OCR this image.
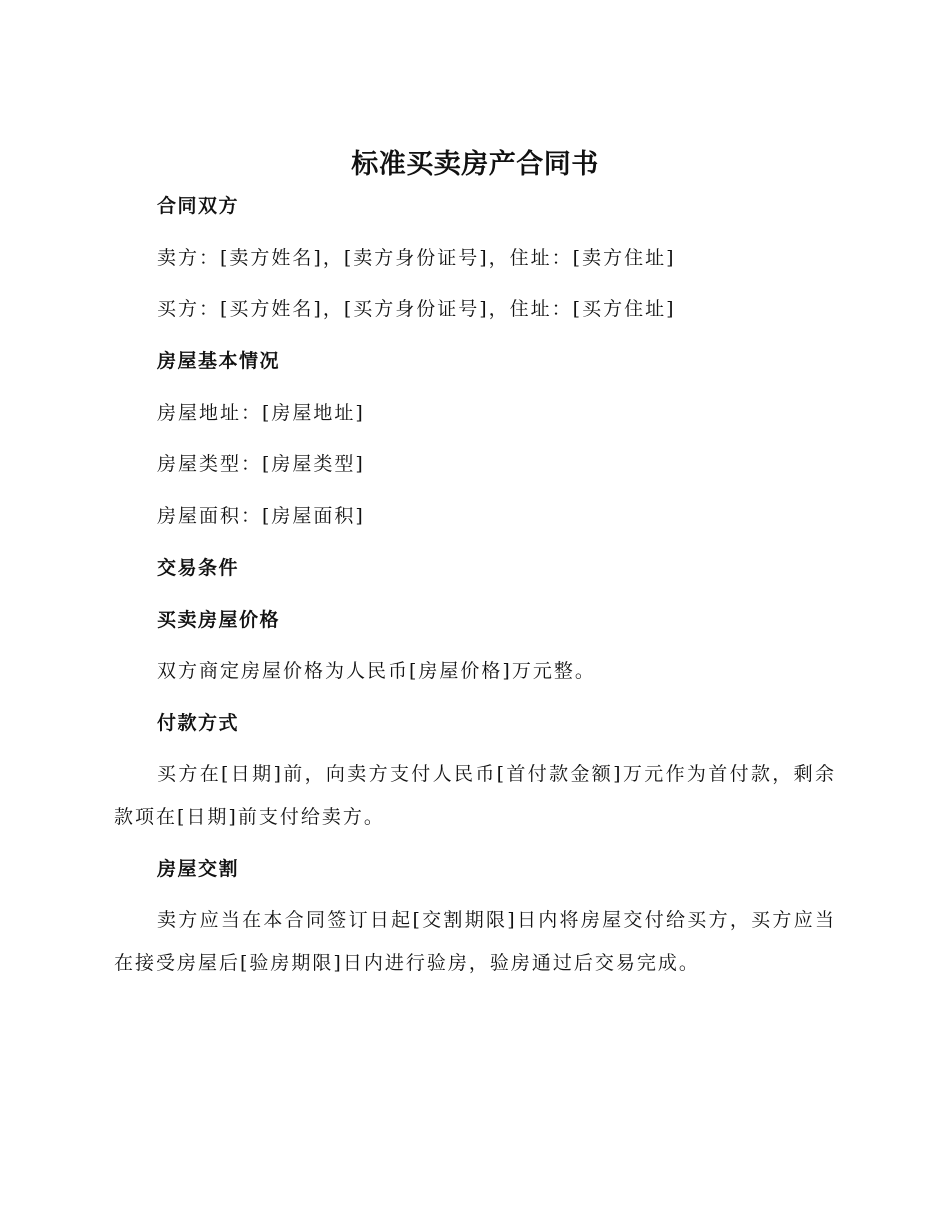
标准买卖房产合同书
合同双方
卖方：[卖方姓名]，[卖方身份证号]，住址：[卖方住址]
买方：[买方姓名]，[买方身份证号]，住址：[买方住址]
房屋基本情况
房屋地址：[房屋地址]
房屋类型：[房屋类型]
房屋面积：[房屋面积]
交易条件
买卖房屋价格
双方商定房屋价格为人民币[房屋价格]万元整。
付款方式
买方在[日期]前，向卖方支付人民币[首付款金额]万元作为首付款，剩余款项在[日期]前支付给卖方。
房屋交割
卖方应当在本合同签订日起[交割期限]日内将房屋交付给买方，买方应当在接受房屋后[验房期限]日内进行验房，验房通过后交易完成。
